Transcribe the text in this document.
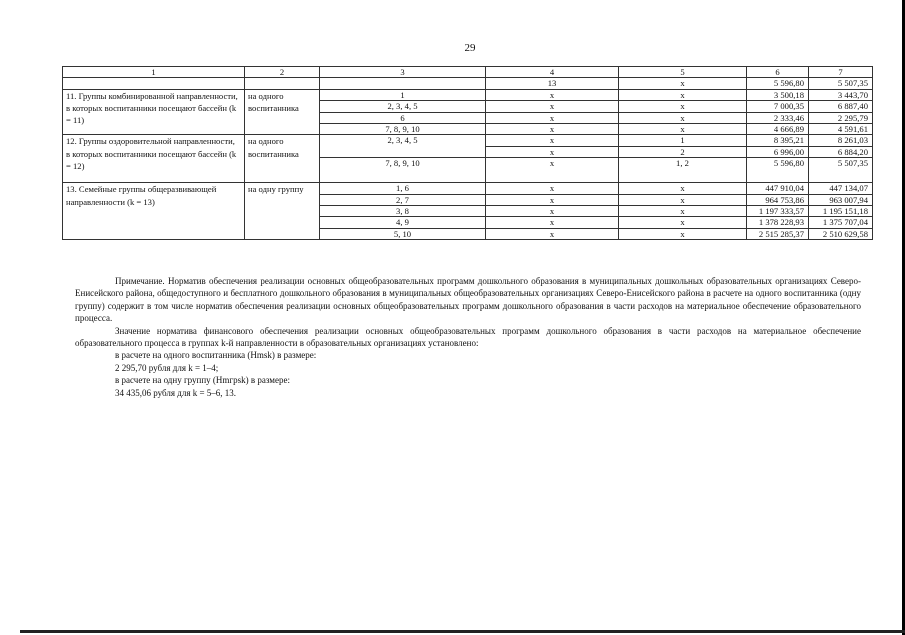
29
1	2	3	4	5	6	7
			13	х	5 596,80	5 507,35
11. Группы комбинированной направленности, в которых воспитанники посещают бассейн (k = 11)	на одного воспитанника	1	х	х	3 500,18	3 443,70
		2, 3, 4, 5	х	х	7 000,35	6 887,40
		6	х	х	2 333,46	2 295,79
		7, 8, 9, 10	х	х	4 666,89	4 591,61
12. Группы оздоровительной направленности, в которых воспитанники посещают бассейн (k = 12)	на одного воспитанника	2, 3, 4, 5	х	1	8 395,21	8 261,03
			х	2	6 996,00	6 884,20
		7, 8, 9, 10	х	1, 2	5 596,80	5 507,35
13. Семейные группы общеразвивающей направленности (k = 13)	на одну группу	1, 6	х	х	447 910,04	447 134,07
		2, 7	х	х	964 753,86	963 007,94
		3, 8	х	х	1 197 333,57	1 195 151,18
		4, 9	х	х	1 378 228,93	1 375 707,04
		5, 10	х	х	2 515 285,37	2 510 629,58

Примечание. Норматив обеспечения реализации основных общеобразовательных программ дошкольного образования в муниципальных дошкольных образовательных организациях Северо-Енисейского района, общедоступного и бесплатного дошкольного образования в муниципальных общеобразовательных организациях Северо-Енисейского района в расчете на одного воспитанника (одну группу) содержит в том числе норматив обеспечения реализации основных общеобразовательных программ дошкольного образования в части расходов на материальное обеспечение образовательного процесса.

Значение норматива финансового обеспечения реализации основных общеобразовательных программ дошкольного образования в части расходов на материальное обеспечение образовательного процесса в группах k-й направленности в образовательных организациях установлено:

в расчете на одного воспитанника (Hmsk) в размере:

2 295,70 рубля для k = 1–4;

в расчете на одну группу (Hmгpsk) в размере:

34 435,06 рубля для k = 5–6, 13.
